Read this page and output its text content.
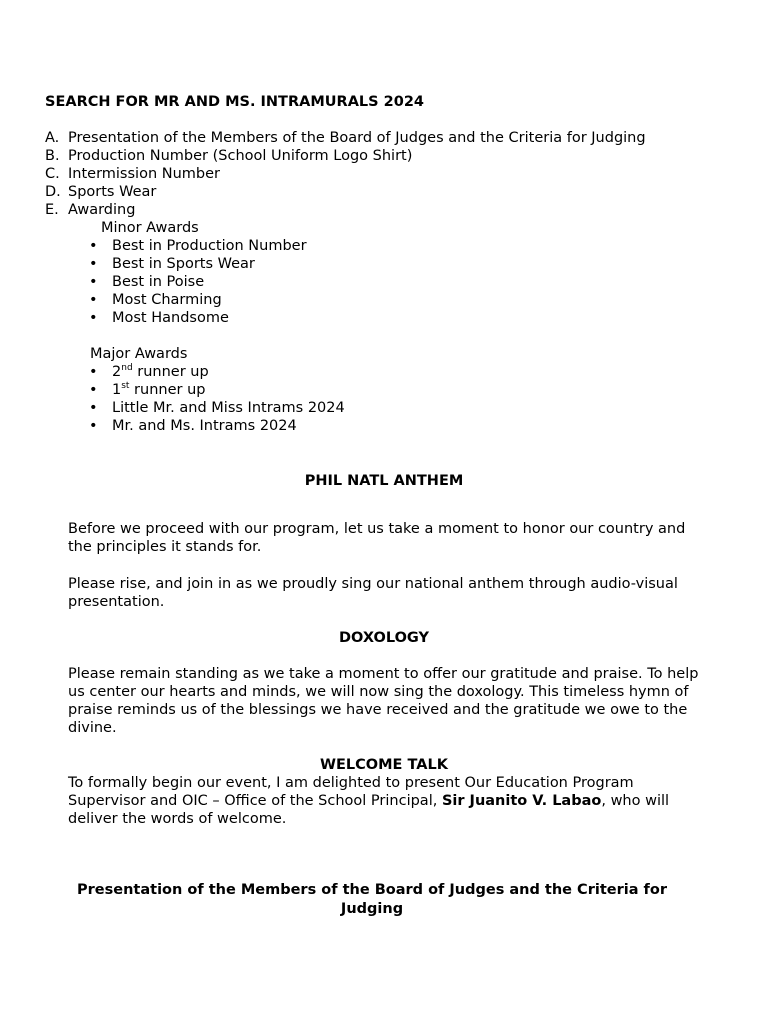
SEARCH FOR MR AND MS. INTRAMURALS 2024
A. Presentation of the Members of the Board of Judges and the Criteria for Judging
B. Production Number (School Uniform Logo Shirt)
C. Intermission Number
D. Sports Wear
E. Awarding
Minor Awards
• Best in Production Number
• Best in Sports Wear
• Best in Poise
• Most Charming
• Most Handsome
Major Awards
• 2nd runner up
• 1st runner up
• Little Mr. and Miss Intrams 2024
• Mr. and Ms. Intrams 2024
PHIL NATL ANTHEM
Before we proceed with our program, let us take a moment to honor our country and the principles it stands for.
Please rise, and join in as we proudly sing our national anthem through audio-visual presentation.
DOXOLOGY
Please remain standing as we take a moment to offer our gratitude and praise. To help us center our hearts and minds, we will now sing the doxology. This timeless hymn of praise reminds us of the blessings we have received and the gratitude we owe to the divine.
WELCOME TALK
To formally begin our event, I am delighted to present Our Education Program Supervisor and OIC – Office of the School Principal, Sir Juanito V. Labao, who will deliver the words of welcome.
Presentation of the Members of the Board of Judges and the Criteria for Judging
